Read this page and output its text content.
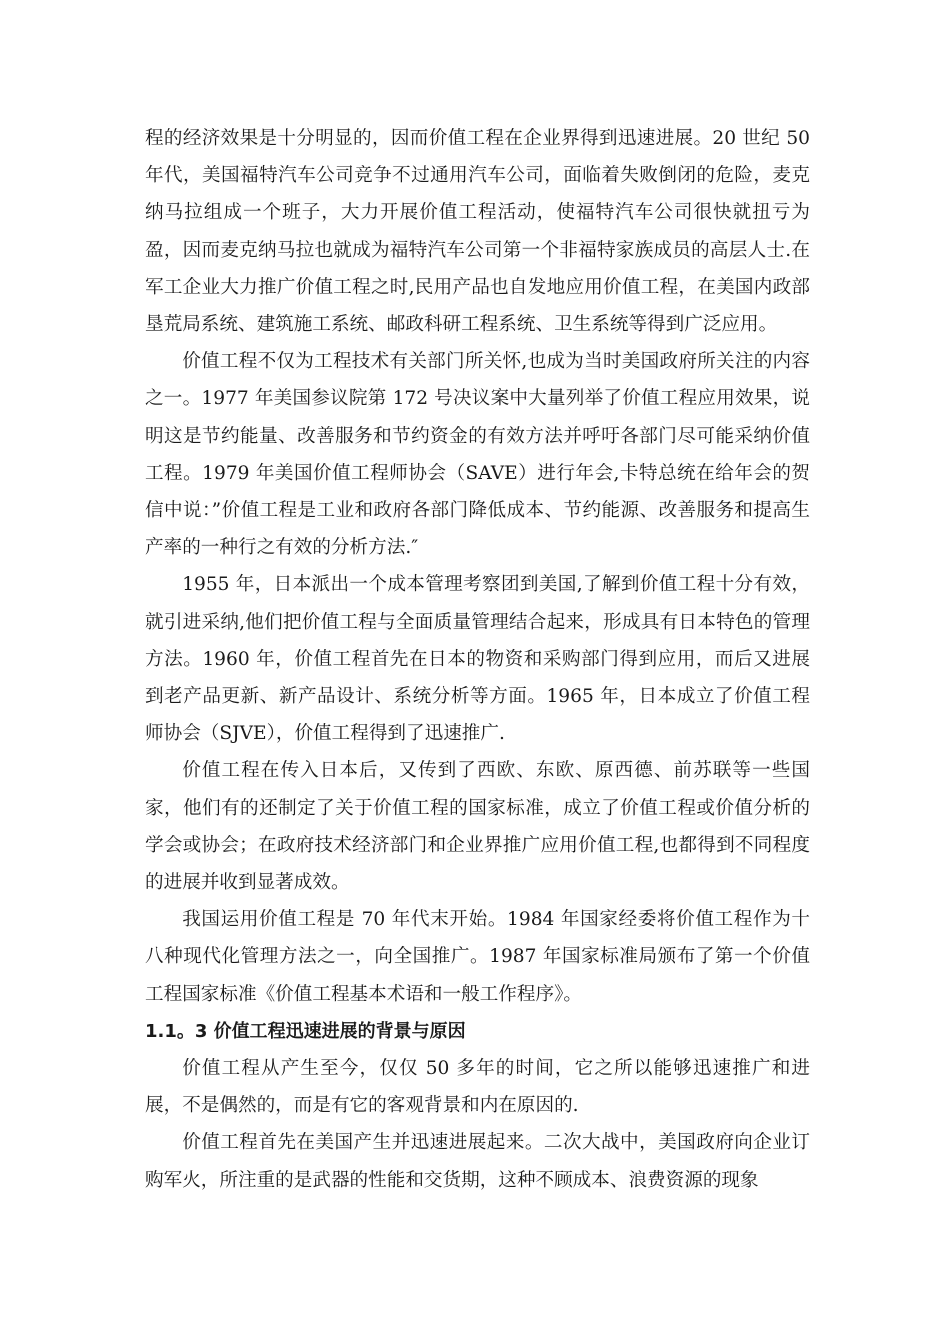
程的经济效果是十分明显的，因而价值工程在企业界得到迅速进展。20 世纪 50 年代，美国福特汽车公司竞争不过通用汽车公司，面临着失败倒闭的危险，麦克纳马拉组成一个班子，大力开展价值工程活动，使福特汽车公司很快就扭亏为盈，因而麦克纳马拉也就成为福特汽车公司第一个非福特家族成员的高层人士.在军工企业大力推广价值工程之时,民用产品也自发地应用价值工程，在美国内政部垦荒局系统、建筑施工系统、邮政科研工程系统、卫生系统等得到广泛应用。

价值工程不仅为工程技术有关部门所关怀,也成为当时美国政府所关注的内容之一。1977 年美国参议院第 172 号决议案中大量列举了价值工程应用效果，说明这是节约能量、改善服务和节约资金的有效方法并呼吁各部门尽可能采纳价值工程。1979 年美国价值工程师协会（SAVE）进行年会,卡特总统在给年会的贺信中说：”价值工程是工业和政府各部门降低成本、节约能源、改善服务和提高生产率的一种行之有效的分析方法.″

1955 年，日本派出一个成本管理考察团到美国,了解到价值工程十分有效，就引进采纳,他们把价值工程与全面质量管理结合起来，形成具有日本特色的管理方法。1960 年，价值工程首先在日本的物资和采购部门得到应用，而后又进展到老产品更新、新产品设计、系统分析等方面。1965 年，日本成立了价值工程师协会（SJVE），价值工程得到了迅速推广.

价值工程在传入日本后，又传到了西欧、东欧、原西德、前苏联等一些国家，他们有的还制定了关于价值工程的国家标准，成立了价值工程或价值分析的学会或协会；在政府技术经济部门和企业界推广应用价值工程,也都得到不同程度的进展并收到显著成效。

我国运用价值工程是 70 年代末开始。1984 年国家经委将价值工程作为十八种现代化管理方法之一，向全国推广。1987 年国家标准局颁布了第一个价值工程国家标准《价值工程基本术语和一般工作程序》。

1.1。3 价值工程迅速进展的背景与原因

价值工程从产生至今，仅仅 50 多年的时间，它之所以能够迅速推广和进展，不是偶然的，而是有它的客观背景和内在原因的.

价值工程首先在美国产生并迅速进展起来。二次大战中，美国政府向企业订购军火，所注重的是武器的性能和交货期，这种不顾成本、浪费资源的现象
